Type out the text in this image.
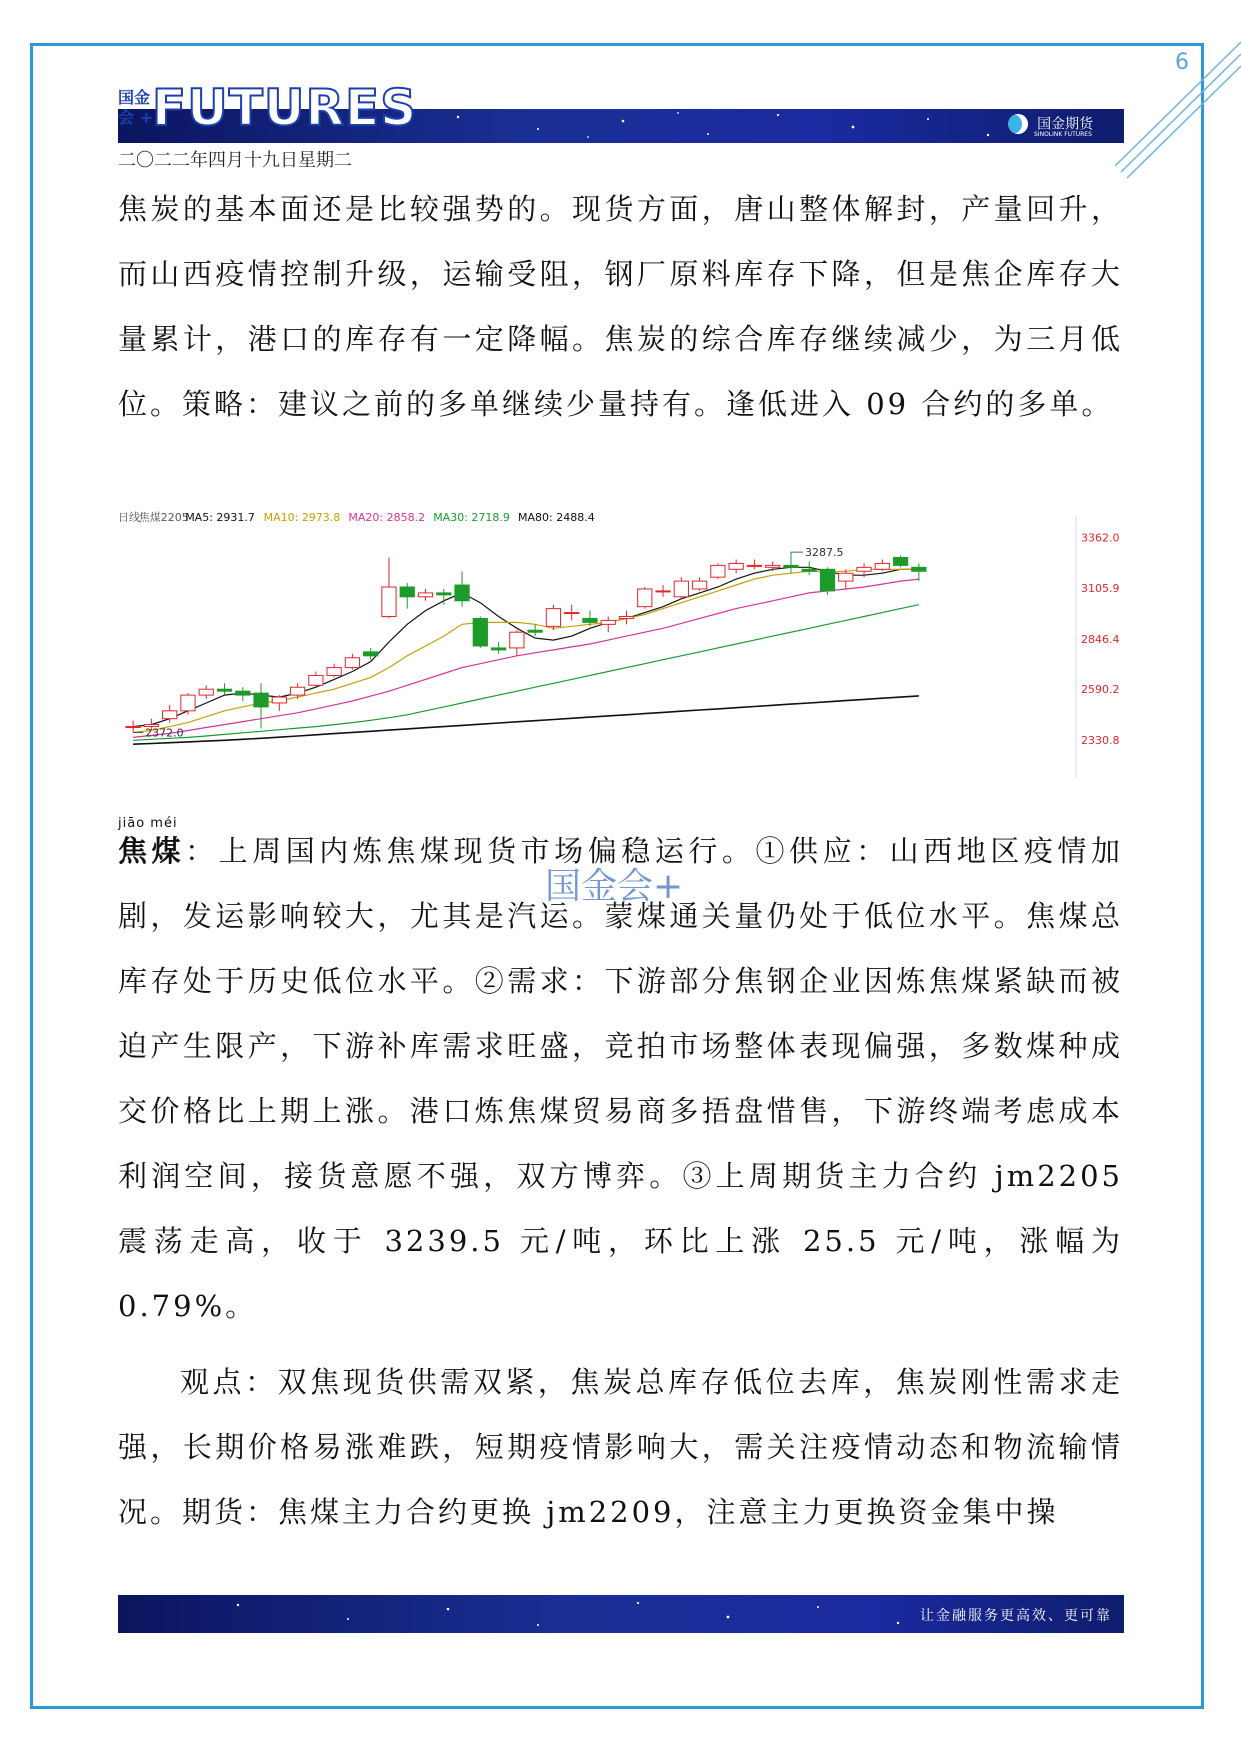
6
国金
会 + FUTURES	国金期货
SINOLINK FUTURES
二〇二二年四月十九日星期二

焦炭的基本面还是比较强势的。现货方面，唐山整体解封，产量回升，而山西疫情控制升级，运输受阻，钢厂原料库存下降，但是焦企库存大量累计，港口的库存有一定降幅。焦炭的综合库存继续减少，为三月低位。策略：建议之前的多单继续少量持有。逢低进入 09 合约的多单。

日线
焦煤2205
MA5: 2931.7 MA10: 2973.8 MA20: 2858.2 MA30: 2718.9 MA80: 2488.4
3362.0
3105.9
2846.4
2590.2
2330.8
3287.5
2372.0
jiāo méi

焦煤：上周国内炼焦煤现货市场偏稳运行。①供应：山西地区疫情加剧，发运影响较大，尤其是汽运。蒙煤通关量仍处于低位水平。焦煤总库存处于历史低位水平。②需求：下游部分焦钢企业因炼焦煤紧缺而被迫产生限产，下游补库需求旺盛，竞拍市场整体表现偏强，多数煤种成交价格比上期上涨。港口炼焦煤贸易商多捂盘惜售，下游终端考虑成本利润空间，接货意愿不强，双方博弈。③上周期货主力合约 jm2205 震荡走高，收于 3239.5 元/吨，环比上涨 25.5 元/吨，涨幅为 0.79%。

国金会+

观点：双焦现货供需双紧，焦炭总库存低位去库，焦炭刚性需求走强，长期价格易涨难跌，短期疫情影响大，需关注疫情动态和物流输情况。期货：焦煤主力合约更换 jm2209，注意主力更换资金集中操

让金融服务更高效、更可靠
